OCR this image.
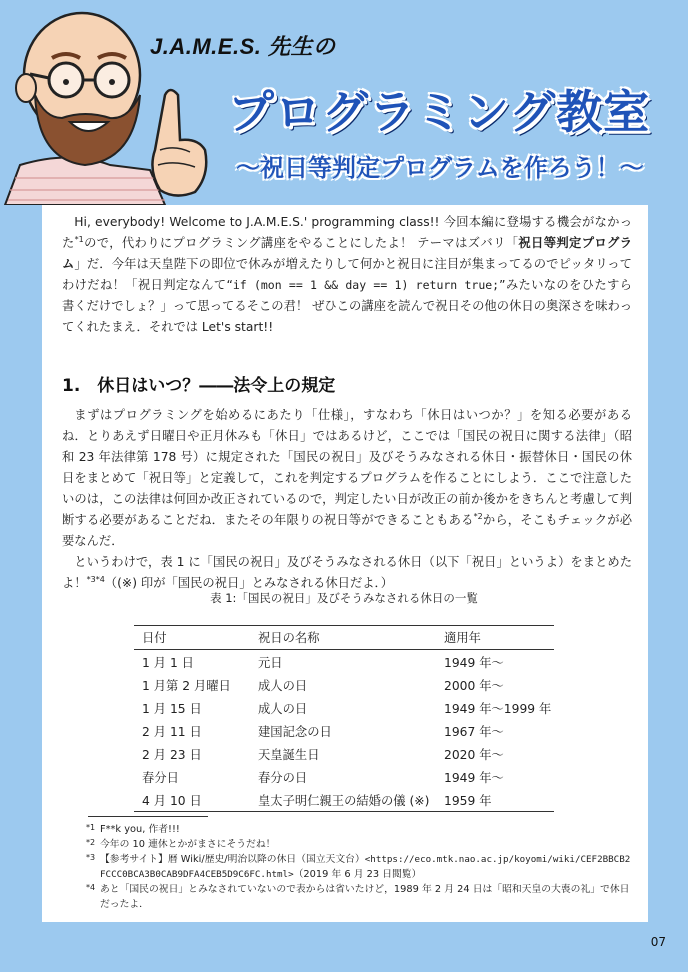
J.A.M.E.S. 先生の
プログラミング教室
〜祝日等判定プログラムを作ろう！〜

Hi, everybody! Welcome to J.A.M.E.S.' programming class!! 今回本編に登場する機会がなかった$^{*1}$ので，代わりにプログラミング講座をやることにしたよ！ テーマはズバリ「祝日等判定プログラム」だ．今年は天皇陛下の即位で休みが増えたりして何かと祝日に注目が集まってるのでピッタリってわけだね！「祝日判定なんて“if (mon == 1 && day == 1) return true;”みたいなのをひたすら書くだけでしょ？」って思ってるそこの君！ ぜひこの講座を読んで祝日その他の休日の奥深さを味わってくれたまえ．それでは Let's start!!

1.　休日はいつ？――法令上の規定

まずはプログラミングを始めるにあたり「仕様」，すなわち「休日はいつか？」を知る必要があるね．とりあえず日曜日や正月休みも「休日」ではあるけど，ここでは「国民の祝日に関する法律」（昭和 23 年法律第 178 号）に規定された「国民の祝日」及びそうみなされる休日・振替休日・国民の休日をまとめて「祝日等」と定義して，これを判定するプログラムを作ることにしよう．ここで注意したいのは，この法律は何回か改正されているので，判定したい日が改正の前か後かをきちんと考慮して判断する必要があることだね．またその年限りの祝日等ができることもある$^{*2}$から，そこもチェックが必要なんだ．

というわけで，表 1 に「国民の祝日」及びそうみなされる休日（以下「祝日」というよ）をまとめたよ！$^{*3*4}$（(※) 印が「国民の祝日」とみなされる休日だよ．）

表 1:「国民の祝日」及びそうみなされる休日の一覧
日付	祝日の名称	適用年
1 月 1 日	元日	1949 年〜
1 月第 2 月曜日	成人の日	2000 年〜
1 月 15 日	成人の日	1949 年〜1999 年
2 月 11 日	建国記念の日	1967 年〜
2 月 23 日	天皇誕生日	2020 年〜
春分日	春分の日	1949 年〜
4 月 10 日	皇太子明仁親王の結婚の儀 (※)	1959 年
*1 F**k you, 作者!!!
*2 今年の 10 連休とかがまさにそうだね！
*3 【参考サイト】暦 Wiki/歴史/明治以降の休日（国立天文台）<https://eco.mtk.nao.ac.jp/koyomi/wiki/CEF2BBCB2FCCC0BCA3B0CAB9DFA4CEB5D9C6FC.html>（2019 年 6 月 23 日閲覧）
*4 あと「国民の祝日」とみなされていないので表からは省いたけど，1989 年 2 月 24 日は「昭和天皇の大喪の礼」で休日だったよ．
07
